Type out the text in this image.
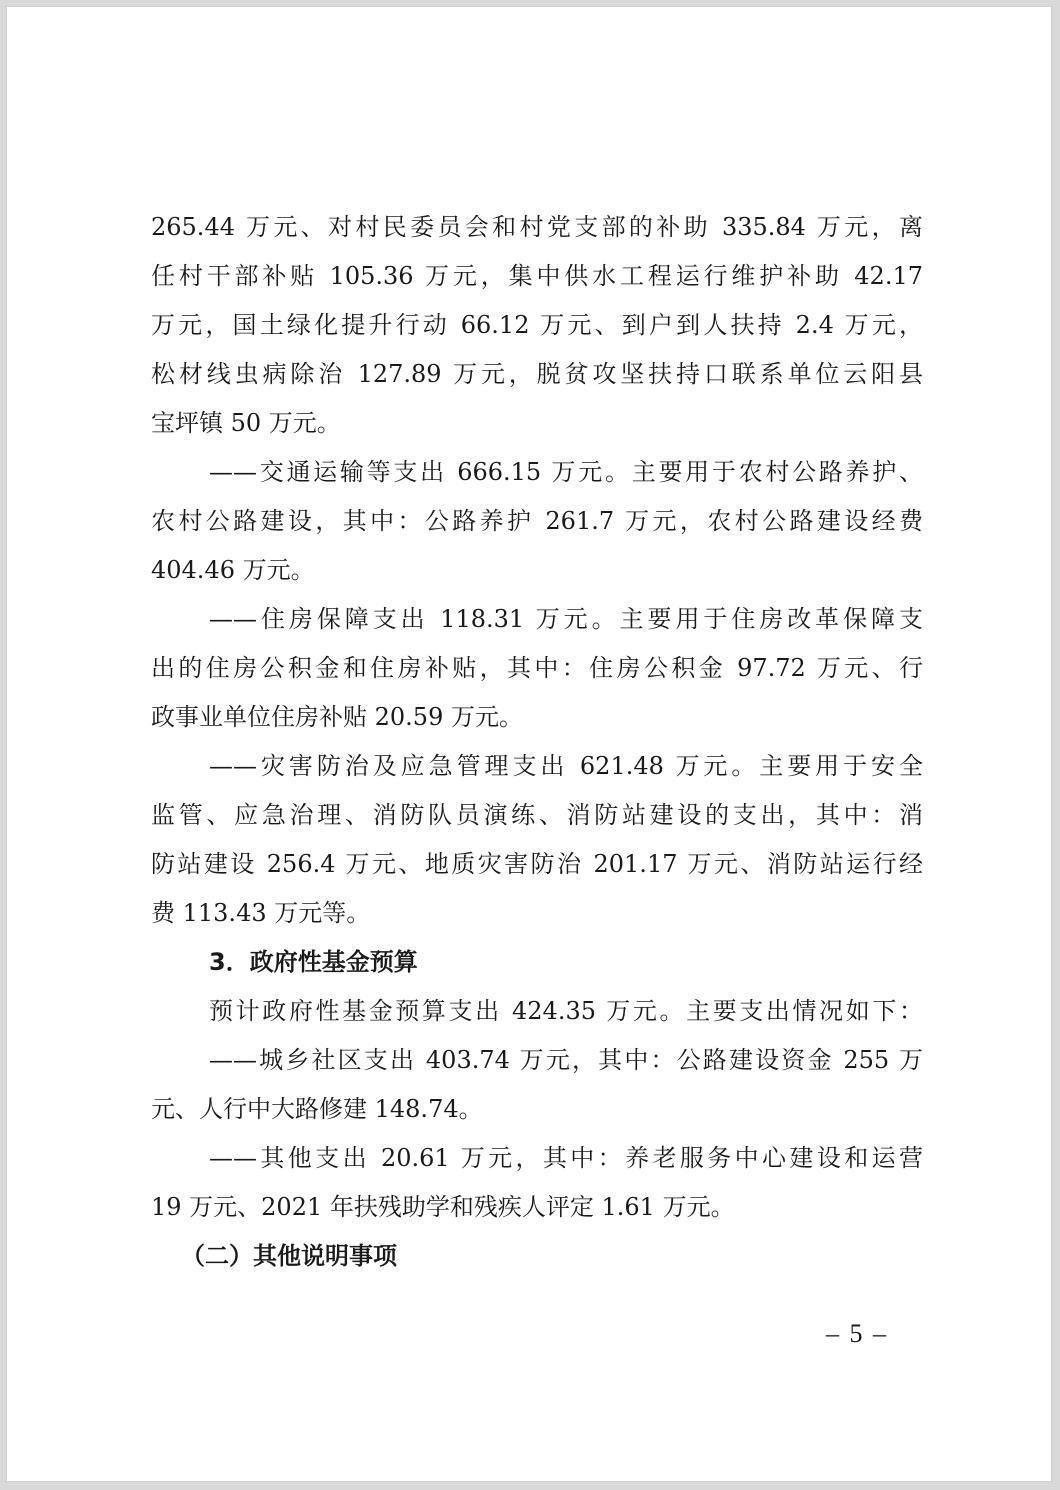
265.44 万元、对村民委员会和村党支部的补助 335.84 万元，离
任村干部补贴 105.36 万元，集中供水工程运行维护补助 42.17
万元，国土绿化提升行动 66.12 万元、到户到人扶持 2.4 万元，
松材线虫病除治 127.89 万元，脱贫攻坚扶持口联系单位云阳县
宝坪镇 50 万元。
——交通运输等支出 666.15 万元。主要用于农村公路养护、
农村公路建设，其中：公路养护 261.7 万元，农村公路建设经费
404.46 万元。
——住房保障支出 118.31 万元。主要用于住房改革保障支
出的住房公积金和住房补贴，其中：住房公积金 97.72 万元、行
政事业单位住房补贴 20.59 万元。
——灾害防治及应急管理支出 621.48 万元。主要用于安全
监管、应急治理、消防队员演练、消防站建设的支出，其中：消
防站建设 256.4 万元、地质灾害防治 201.17 万元、消防站运行经
费 113.43 万元等。
3．政府性基金预算
预计政府性基金预算支出 424.35 万元。主要支出情况如下：
——城乡社区支出 403.74 万元，其中：公路建设资金 255 万
元、人行中大路修建 148.74。
——其他支出 20.61 万元，其中：养老服务中心建设和运营
19 万元、2021 年扶残助学和残疾人评定 1.61 万元。
（二）其他说明事项
– 5 –
